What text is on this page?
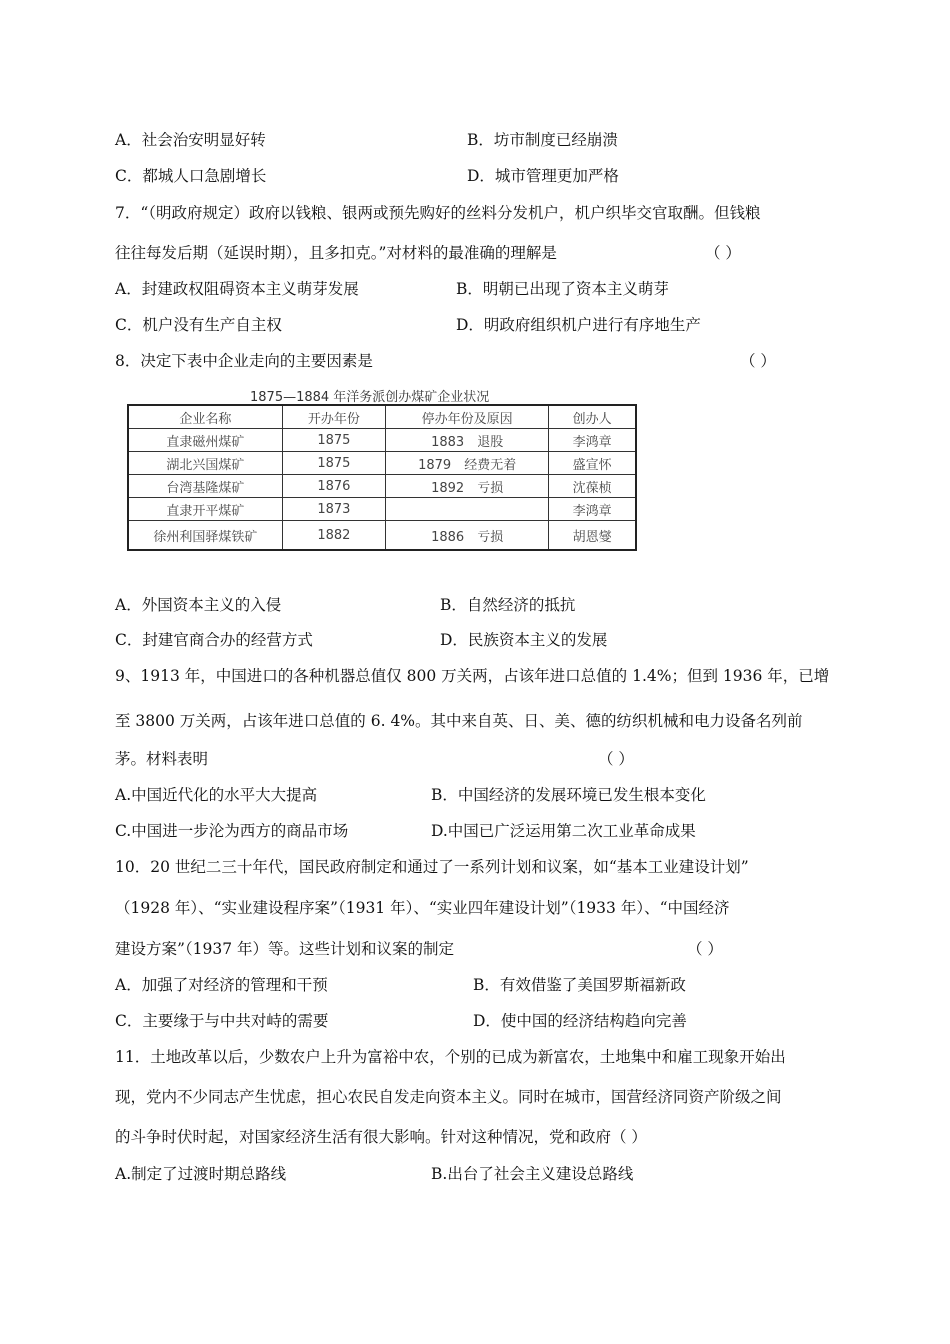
A．社会治安明显好转	B．坊市制度已经崩溃
C．都城人口急剧增长	D．城市管理更加严格
7．“（明政府规定）政府以钱粮、银两或预先购好的丝料分发机户，机户织毕交官取酬。但钱粮
往往每发后期（延误时期），且多扣克。”对材料的最准确的理解是	（ ）
A．封建政权阻碍资本主义萌芽发展	B．明朝已出现了资本主义萌芽
C．机户没有生产自主权	D．明政府组织机户进行有序地生产
8．决定下表中企业走向的主要因素是	（ ）
1875—1884 年洋务派创办煤矿企业状况
企业名称	开办年份	停办年份及原因	创办人
直隶磁州煤矿	1875	1883　退股	李鸿章
湖北兴国煤矿	1875	1879　经费无着	盛宣怀
台湾基隆煤矿	1876	1892　亏损	沈葆桢
直隶开平煤矿	1873		李鸿章
徐州利国驿煤铁矿	1882	1886　亏损	胡恩燮
A．外国资本主义的入侵	B．自然经济的抵抗
C．封建官商合办的经营方式	D．民族资本主义的发展
9、1913 年，中国进口的各种机器总值仅 800 万关两，占该年进口总值的 1.4%；但到 1936 年，已增
至 3800 万关两，占该年进口总值的 6. 4%。其中来自英、日、美、德的纺织机械和电力设备名列前
茅。材料表明	（ ）
A.中国近代化的水平大大提高	B．中国经济的发展环境已发生根本变化
C.中国进一步沦为西方的商品市场	D.中国已广泛运用第二次工业革命成果
10．20 世纪二三十年代，国民政府制定和通过了一系列计划和议案，如“基本工业建设计划”
（1928 年）、“实业建设程序案”（1931 年）、“实业四年建设计划”（1933 年）、“中国经济
建设方案”（1937 年）等。这些计划和议案的制定	（ ）
A．加强了对经济的管理和干预	B．有效借鉴了美国罗斯福新政
C．主要缘于与中共对峙的需要	D．使中国的经济结构趋向完善
11．土地改革以后，少数农户上升为富裕中农，个别的已成为新富农，土地集中和雇工现象开始出
现，党内不少同志产生忧虑，担心农民自发走向资本主义。同时在城市，国营经济同资产阶级之间
的斗争时伏时起，对国家经济生活有很大影响。针对这种情况，党和政府（ ）
A.制定了过渡时期总路线	B.出台了社会主义建设总路线
